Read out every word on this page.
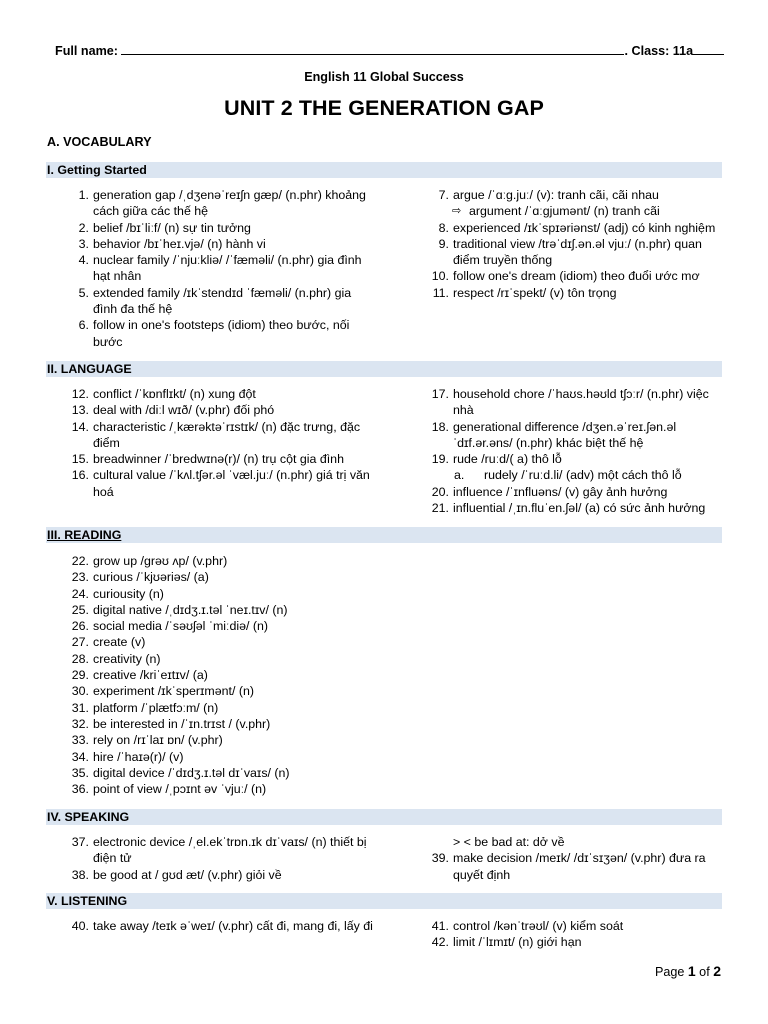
Full name:	. Class: 11a
English 11 Global Success
UNIT 2 THE GENERATION GAP
A. VOCABULARY
I. Getting Started
1. generation gap /ˌdʒenəˈreɪʃn ɡæp/ (n.phr) khoảng cách giữa các thế hệ
2. belief /bɪˈliːf/ (n) sự tin tưởng
3. behavior /bɪˈheɪ.vjə/ (n) hành vi
4. nuclear family /ˈnjuːkliə/ /ˈfæməli/ (n.phr) gia đình hạt nhân
5. extended family /ɪkˈstendɪd ˈfæməli/ (n.phr) gia đình đa thế hệ
6. follow in one's footsteps (idiom) theo bước, nối bước
7. argue /ˈɑːɡ.juː/ (v): tranh cãi, cãi nhau
⇨ argument /ˈɑːɡjumənt/ (n) tranh cãi
8. experienced /ɪkˈspɪəriənst/ (adj) có kinh nghiệm
9. traditional view /trəˈdɪʃ.ən.əl vjuː/ (n.phr) quan điểm truyền thống
10. follow one's dream (idiom) theo đuổi ước mơ
11. respect /rɪˈspekt/ (v) tôn trọng
II. LANGUAGE
12. conflict /ˈkɒnflɪkt/ (n) xung đột
13. deal with /diːl wɪð/ (v.phr) đối phó
14. characteristic /ˌkærəktəˈrɪstɪk/ (n) đặc trưng, đặc điểm
15. breadwinner /ˈbredwɪnə(r)/ (n) trụ cột gia đình
16. cultural value /ˈkʌl.tʃər.əl ˈvæl.juː/ (n.phr) giá trị văn hoá
17. household chore /ˈhaʊs.həʊld tʃɔːr/ (n.phr) việc nhà
18. generational difference /dʒen.əˈreɪ.ʃən.əl ˈdɪf.ər.əns/ (n.phr) khác biệt thế hệ
19. rude /ruːd/( a) thô lỗ
a. rudely /ˈruːd.li/ (adv) một cách thô lỗ
20. influence /ˈɪnfluəns/ (v) gây ảnh hưởng
21. influential /ˌɪn.fluˈen.ʃəl/ (a) có sức ảnh hưởng
III. READING
22. grow up /ɡrəʊ ʌp/ (v.phr)
23. curious /ˈkjʊəriəs/ (a)
24. curiousity (n)
25. digital native /ˌdɪdʒ.ɪ.təl ˈneɪ.tɪv/ (n)
26. social media /ˈsəʊʃəl ˈmiːdiə/ (n)
27. create (v)
28. creativity (n)
29. creative /kriˈeɪtɪv/ (a)
30. experiment /ɪkˈsperɪmənt/ (n)
31. platform /ˈplætfɔːm/ (n)
32. be interested in /ˈɪn.trɪst / (v.phr)
33. rely on /rɪˈlaɪ ɒn/ (v.phr)
34. hire /ˈhaɪə(r)/ (v)
35. digital device /ˈdɪdʒ.ɪ.təl dɪˈvaɪs/ (n)
36. point of view /ˌpɔɪnt əv ˈvjuː/ (n)
IV. SPEAKING
37. electronic device /ˌel.ekˈtrɒn.ɪk dɪˈvaɪs/ (n) thiết bị điện tử
38. be good at / ɡʊd æt/ (v.phr) giỏi về
> < be bad at: dở về
39. make decision /meɪk/ /dɪˈsɪʒən/ (v.phr) đưa ra quyết định
V. LISTENING
40. take away /teɪk əˈweɪ/ (v.phr) cất đi, mang đi, lấy đi	41. control /kənˈtrəʊl/ (v) kiểm soát
42. limit /ˈlɪmɪt/ (n) giới hạn
Page 1 of 2
